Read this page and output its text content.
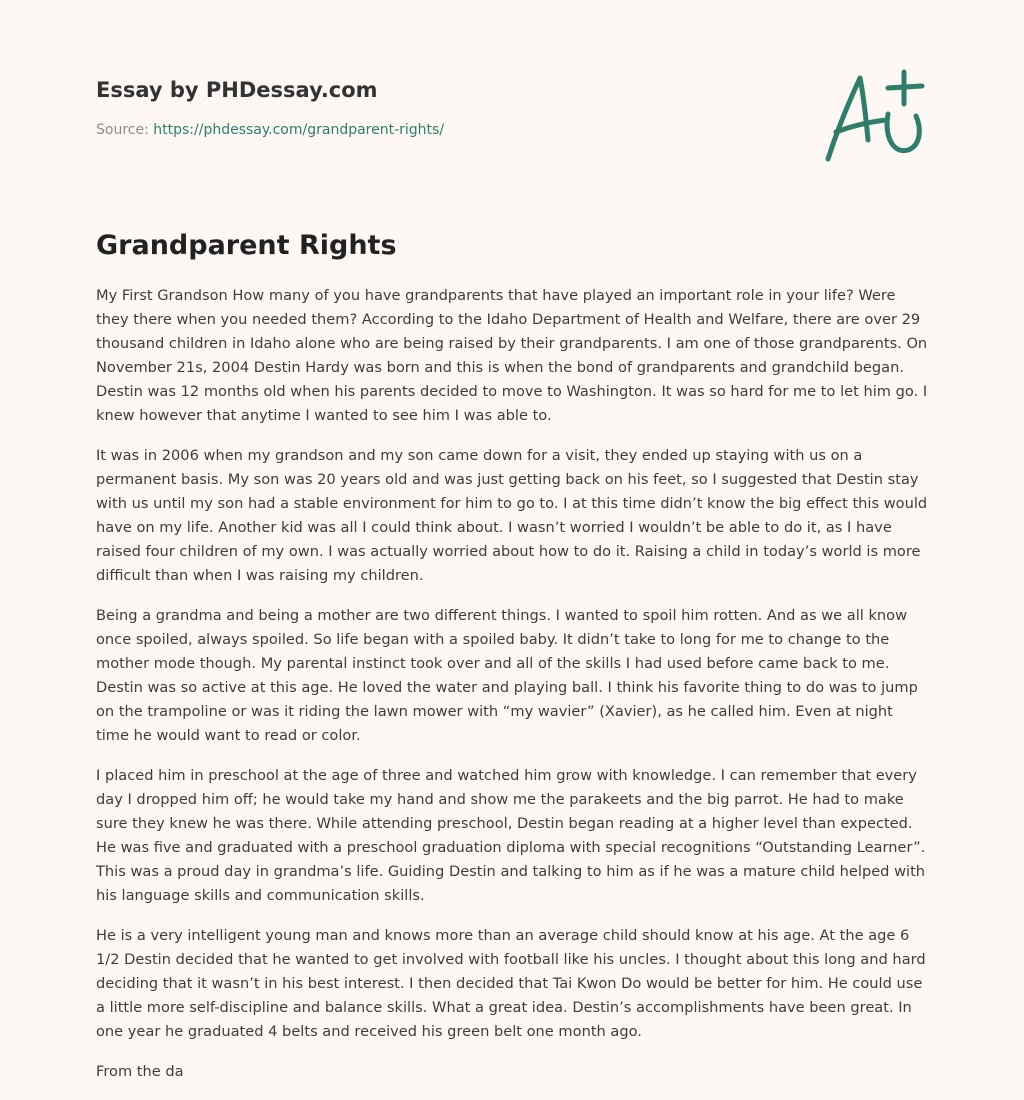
Essay by PHDessay.com
Source: https://phdessay.com/grandparent-rights/
Grandparent Rights

My First Grandson How many of you have grandparents that have played an important role in your life? Were they there when you needed them? According to the Idaho Department of Health and Welfare, there are over 29 thousand children in Idaho alone who are being raised by their grandparents. I am one of those grandparents. On November 21s, 2004 Destin Hardy was born and this is when the bond of grandparents and grandchild began. Destin was 12 months old when his parents decided to move to Washington. It was so hard for me to let him go. I knew however that anytime I wanted to see him I was able to.

It was in 2006 when my grandson and my son came down for a visit, they ended up staying with us on a permanent basis. My son was 20 years old and was just getting back on his feet, so I suggested that Destin stay with us until my son had a stable environment for him to go to. I at this time didn’t know the big effect this would have on my life. Another kid was all I could think about. I wasn’t worried I wouldn’t be able to do it, as I have raised four children of my own. I was actually worried about how to do it. Raising a child in today’s world is more difficult than when I was raising my children.

Being a grandma and being a mother are two different things. I wanted to spoil him rotten. And as we all know once spoiled, always spoiled. So life began with a spoiled baby. It didn’t take to long for me to change to the mother mode though. My parental instinct took over and all of the skills I had used before came back to me. Destin was so active at this age. He loved the water and playing ball. I think his favorite thing to do was to jump on the trampoline or was it riding the lawn mower with “my wavier” (Xavier), as he called him. Even at night time he would want to read or color.

I placed him in preschool at the age of three and watched him grow with knowledge. I can remember that every day I dropped him off; he would take my hand and show me the parakeets and the big parrot. He had to make sure they knew he was there. While attending preschool, Destin began reading at a higher level than expected. He was five and graduated with a preschool graduation diploma with special recognitions “Outstanding Learner”. This was a proud day in grandma’s life. Guiding Destin and talking to him as if he was a mature child helped with his language skills and communication skills.

He is a very intelligent young man and knows more than an average child should know at his age. At the age 6 1/2 Destin decided that he wanted to get involved with football like his uncles. I thought about this long and hard deciding that it wasn’t in his best interest. I then decided that Tai Kwon Do would be better for him. He could use a little more self-discipline and balance skills. What a great idea. Destin’s accomplishments have been great. In one year he graduated 4 belts and received his green belt one month ago.

From the da
